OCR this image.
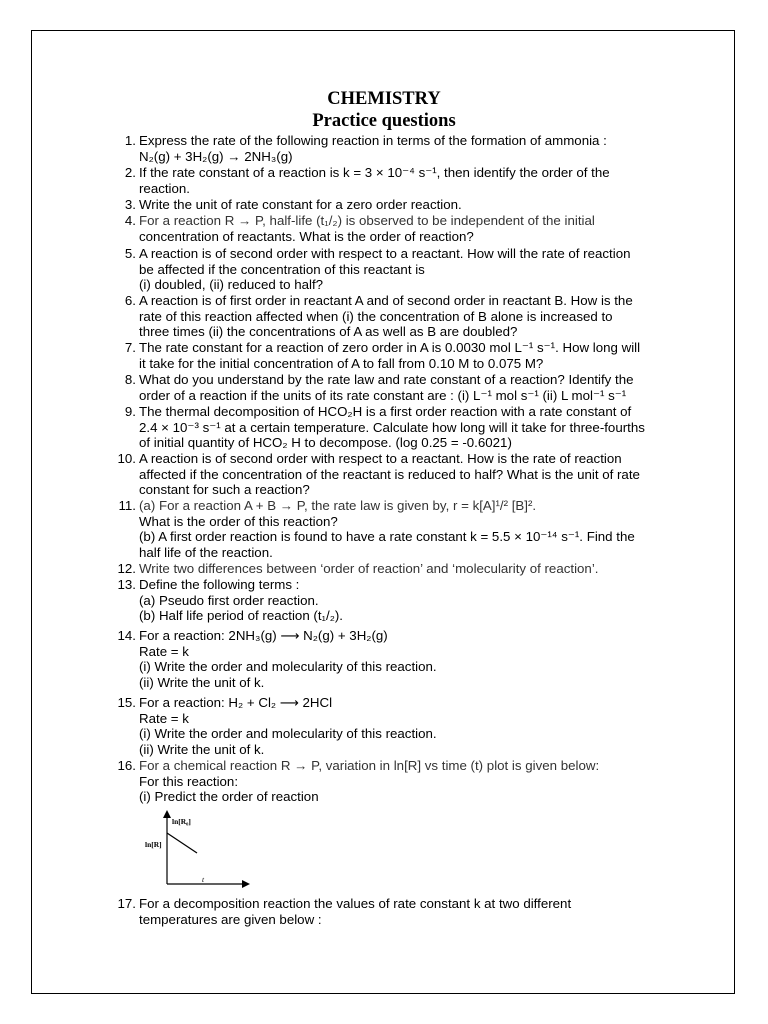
CHEMISTRY
Practice questions
1. Express the rate of the following reaction in terms of the formation of ammonia :
N₂(g) + 3H₂(g) → 2NH₃(g)
2. If the rate constant of a reaction is k = 3 × 10⁻⁴ s⁻¹, then identify the order of the
reaction.
3. Write the unit of rate constant for a zero order reaction.
4. For a reaction R → P, half-life (t₁/₂) is observed to be independent of the initial
concentration of reactants. What is the order of reaction?
5. A reaction is of second order with respect to a reactant. How will the rate of reaction
be affected if the concentration of this reactant is
(i) doubled, (ii) reduced to half?
6. A reaction is of first order in reactant A and of second order in reactant B. How is the
rate of this reaction affected when (i) the concentration of B alone is increased to
three times (ii) the concentrations of A as well as B are doubled?
7. The rate constant for a reaction of zero order in A is 0.0030 mol L⁻¹ s⁻¹. How long will
it take for the initial concentration of A to fall from 0.10 M to 0.075 M?
8. What do you understand by the rate law and rate constant of a reaction? Identify the
order of a reaction if the units of its rate constant are : (i) L⁻¹ mol s⁻¹ (ii) L mol⁻¹ s⁻¹
9. The thermal decomposition of HCO₂H is a first order reaction with a rate constant of
2.4 × 10⁻³ s⁻¹ at a certain temperature. Calculate how long will it take for three-fourths
of initial quantity of HCO₂ H to decompose. (log 0.25 = -0.6021)
10. A reaction is of second order with respect to a reactant. How is the rate of reaction
affected if the concentration of the reactant is reduced to half? What is the unit of rate
constant for such a reaction?
11. (a) For a reaction A + B → P, the rate law is given by, r = k[A]¹/² [B]².
What is the order of this reaction?
(b) A first order reaction is found to have a rate constant k = 5.5 × 10⁻¹⁴ s⁻¹. Find the
half life of the reaction.
12. Write two differences between ‘order of reaction’ and ‘molecularity of reaction’.
13. Define the following terms :
(a) Pseudo first order reaction.
(b) Half life period of reaction (t₁/₂).
14. For a reaction: 2NH₃(g) ⟶ N₂(g) + 3H₂(g)
Rate = k
(i) Write the order and molecularity of this reaction.
(ii) Write the unit of k.
15. For a reaction: H₂ + Cl₂ ⟶ 2HCl
Rate = k
(i) Write the order and molecularity of this reaction.
(ii) Write the unit of k.
16. For a chemical reaction R → P, variation in ln[R] vs time (t) plot is given below:
For this reaction:
(i) Predict the order of reaction
ln[R₀]
ln[R]
t
17. For a decomposition reaction the values of rate constant k at two different
temperatures are given below :
